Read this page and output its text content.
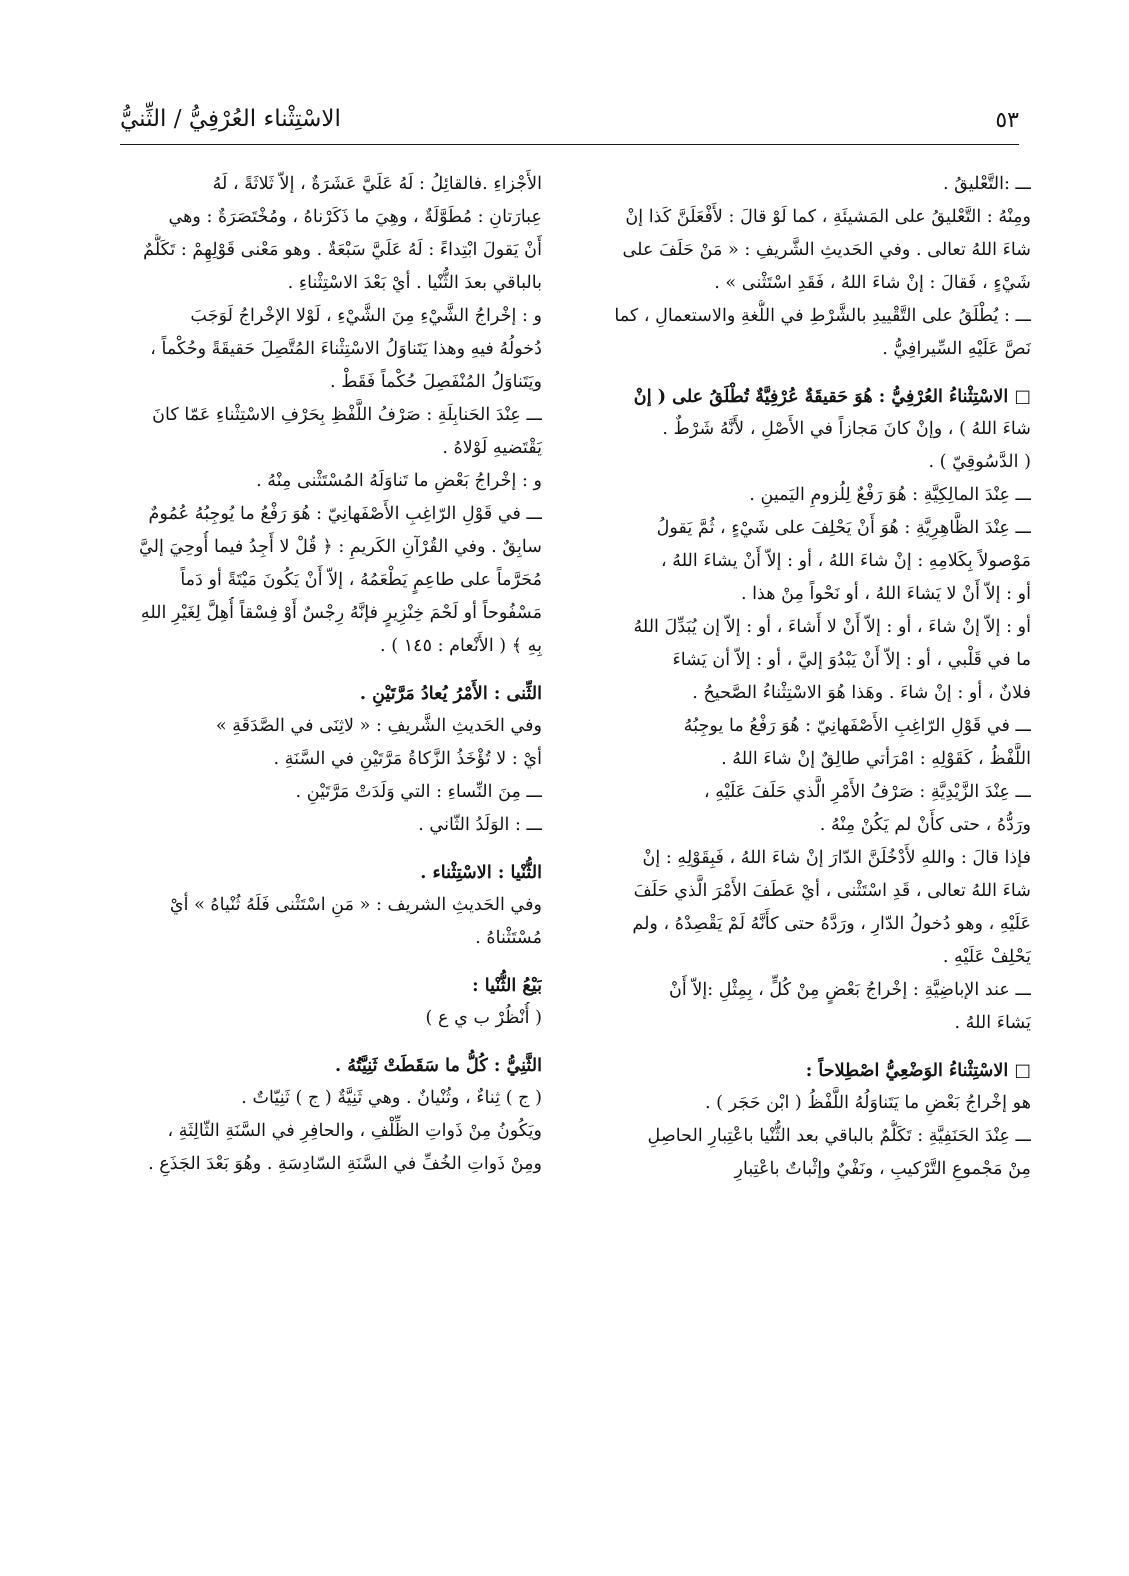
٥٣
الاسْتِثْناء العُرْفِيُّ / الثِّنيُّ
ـــ :التَّعْليقُ .
ومِنْهُ : التَّعْليقُ على المَشيئَةِ ، كما لَوْ قالَ : لأَفْعَلَنَّ كَذا إنْ
شاءَ اللهُ تعالى . وفي الحَديثِ الشَّريفِ : « مَنْ حَلَفَ على
شَيْءٍ ، فَقالَ : إنْ شاءَ اللهُ ، فَقَدِ اسْتَثْنى » .
ـــ : يُطْلَقُ على التَّقْييدِ بالشَّرْطِ في اللُّغةِ والاستعمالِ ، كما
نَصَّ عَلَيْهِ السِّيرافِيُّ .
□ الاسْتِثْناءُ العُرْفِيُّ : هُوَ حَقيقَةٌ عُرْفِيَّةٌ تُطْلَقُ على ( إنْ
شاءَ اللهُ ) ، وإنْ كانَ مَجازاً في الأَصْلِ ، لأَنَّهُ شَرْطٌ .
( الدَّسُوقِيّ ) .
ـــ عِنْدَ المالِكِيَّةِ : هُوَ رَفْعٌ لِلُزومِ اليَمينِ .
ـــ عِنْدَ الظَّاهِرِيَّةِ : هُوَ أَنْ يَحْلِفَ على شَيْءٍ ، ثُمَّ يَقولُ
مَوْصولاً بِكَلامِهِ : إنْ شاءَ اللهُ ، أو : إلاّ أَنْ يشاءَ اللهُ ،
أو : إلاّ أَنْ لا يَشاءَ اللهُ ، أو نَحْواً مِنْ هذا .
أو : إلاّ إنْ شاءَ ، أو : إلاّ أَنْ لا أَشاءَ ، أو : إلاّ إن يُبَدِّلَ اللهُ
ما في قَلْبي ، أو : إلاّ أَنْ يَبْدُوَ إليَّ ، أو : إلاّ أن يَشاءَ
فلانٌ ، أو : إنْ شاءَ . وهَذا هُوَ الاسْتِثْناءُ الصَّحيحُ .
ـــ في قَوْلِ الرّاغِبِ الأَصْفَهانِيّ : هُوَ رَفْعُ ما يوجِبُهُ
اللَّفْظُ ، كَقَوْلِهِ : امْرَأتي طالِقٌ إنْ شاءَ اللهُ .
ـــ عِنْدَ الزَّيْدِيَّةِ : صَرْفُ الأَمْرِ الَّذي حَلَفَ عَلَيْهِ ،
ورَدُّهُ ، حتى كأَنْ لم يَكُنْ مِنْهُ .
فإذا قالَ : واللهِ لأَدْخُلَنَّ الدّارَ إنْ شاءَ اللهُ ، فَبِقَوْلِهِ : إنْ
شاءَ اللهُ تعالى ، قَدِ اسْتَثْنى ، أيْ عَطَفَ الأَمْرَ الَّذي حَلَفَ
عَلَيْهِ ، وهو دُخولُ الدّارِ ، ورَدَّهُ حتى كأَنَّهُ لَمْ يَقْصِدْهُ ، ولم
يَحْلِفْ عَلَيْهِ .
ـــ عند الإباضِيَّةِ : إخْراجُ بَعْضٍ مِنْ كُلٍّ ، بِمِثْلِ :إلاّ أَنْ
يَشاءَ اللهُ .
□ الاسْتِثْناءُ الوَضْعِيُّ اصْطِلاحاً :
هو إخْراجُ بَعْضِ ما يَتَناوَلُهُ اللَّفْظُ ( ابْن حَجَر ) .
ـــ عِنْدَ الحَنَفِيَّةِ : تَكَلُّمٌ بالباقي بعد الثُّنْيا باعْتِبارِ الحاصِلِ
مِنْ مَجْموعِ التَّرْكيبِ ، ونَفْيٌ وإثْباتٌ باعْتِبارِ
الأَجْزاءِ .فالقائِلُ : لَهُ عَلَيَّ عَشَرَةٌ ، إلاّ ثَلاثَةً ، لَهُ
عِبارَتانِ : مُطَوَّلَةٌ ، وهِيَ ما ذَكَرْناهُ ، ومُخْتَصَرَةٌ : وهي
أَنْ يَقولَ ابْتِداءً : لَهُ عَلَيَّ سَبْعَةٌ . وهو مَعْنى قَوْلِهِمْ : تَكَلُّمٌ
بالباقي بعدَ الثُّنْيا . أيْ بَعْدَ الاسْتِثْناءِ .
و : إخْراجُ الشَّيْءِ مِنَ الشَّيْءِ ، لَوْلا الإخْراجُ لَوَجَبَ
دُخولُهُ فيهِ وهذا يَتَناوَلُ الاسْتِثْناءَ المُتَّصِلَ حَقيقَةً وحُكْماً ،
ويَتَناوَلُ المُنْفَصِلَ حُكْماً فَقَطْ .
ـــ عِنْدَ الحَنابِلَةِ : صَرْفُ اللَّفْظِ بِحَرْفِ الاسْتِثْناءِ عَمّا كانَ
يَقْتَضيهِ لَوْلاهُ .
و : إخْراجُ بَعْضِ ما تَناوَلَهُ المُسْتَثْنى مِنْهُ .
ـــ في قَوْلِ الرّاغِبِ الأَصْفَهانِيّ : هُوَ رَفْعُ ما يُوجِبُهُ عُمُومٌ
سابِقٌ . وفي القُرْآنِ الكَريمِ : ﴿ قُلْ لا أَجِدُ فيما أُوحِيَ إليَّ
مُحَرَّماً على طاعِمٍ يَطْعَمُهُ ، إلاّ أَنْ يَكُونَ مَيْتَةً أو دَماً
مَسْفُوحاً أو لَحْمَ خِنْزِيرٍ فإنَّهُ رِجْسٌ أَوْ فِسْقاً أُهِلَّ لِغَيْرِ اللهِ
بِهِ ﴾ ( الأَنْعام : ١٤٥ ) .
الثِّنى : الأَمْرُ يُعادُ مَرَّتَيْنِ .
وفي الحَديثِ الشَّريفِ : « لاثِنَى في الصَّدَقَةِ »
أيْ : لا تُؤْخَذُ الزَّكاةُ مَرَّتَيْنِ في السَّنَةِ .
ـــ مِنَ النِّساءِ : التي وَلَدَتْ مَرَّتَيْنِ .
ـــ : الوَلَدُ الثّاني .
الثُّنْيا : الاسْتِثْناء .
وفي الحَديثِ الشريف : « مَنِ اسْتَثْنى فَلَهُ ثُنْياهُ » أيْ
مُسْتَثْناهُ .
بَيْعُ الثُّنْيا :
( أُنْظُرْ ب ي ع )
الثَّنِيُّ : كُلُّ ما سَقَطَتْ ثَنِيَّتُهُ .
( ج ) ثِناءٌ ، وثُنْيانٌ . وهي ثَنِيَّةٌ ( ج ) ثَنِيّاتٌ .
ويَكُونُ مِنْ ذَواتِ الظِّلْفِ ، والحافِرِ في السَّنَةِ الثّالِثَةِ ،
ومِنْ ذَواتِ الخُفِّ في السَّنَةِ السّادِسَةِ . وهُوَ بَعْدَ الجَذَعِ .
